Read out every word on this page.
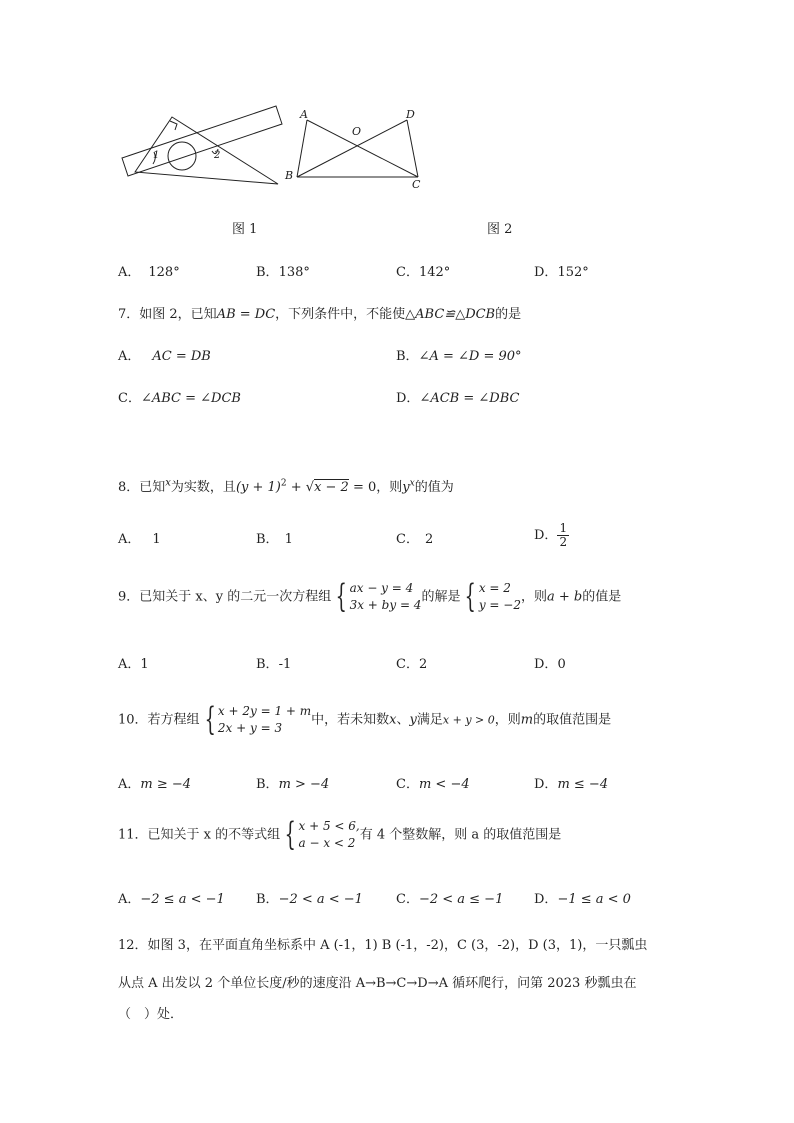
1	2
A	D
O
B
C
图 1	图 2
A． 128°	B．138°	C．142°	D．152°
7．如图 2，已知AB = DC，下列条件中，不能使△ABC≌△DCB的是
A． AC = DB	B．∠A = ∠D = 90°
C．∠ABC = ∠DCB	D．∠ACB = ∠DBC
8．已知$^x$为实数，且$(y + 1)^2 + √x - 2 = 0$，则$y^x$的值为
A． 1	B． 1	C． 2	D． $\frac{1}{2}$
9．已知关于 x、y 的二元一次方程组 { ax − y = 4
3x + by = 4
的解是 { x = 2
y = −2
，则a + b的值是
A．1	B．-1	C．2	D．0
10．若方程组 { x + 2y = 1 + m
2x + y = 3
中，若未知数x、y满足x + y > 0，则m的取值范围是
A．m ≥ −4	B．m > −4	C．m < −4	D．m ≤ −4
11．已知关于 x 的不等式组 { x + 5 < 6,
a − x < 2
有 4 个整数解，则 a 的取值范围是
A．−2 ≤ a < −1 B．−2 < a < −1	C．−2 < a ≤ −1 D．−1 ≤ a < 0
12．如图 3，在平面直角坐标系中 A (-1，1) B (-1，-2)，C (3，-2)，D (3，1)，一只瓢虫
从点 A 出发以 2 个单位长度/秒的速度沿 A→B→C→D→A 循环爬行，问第 2023 秒瓢虫在
（　）处．
